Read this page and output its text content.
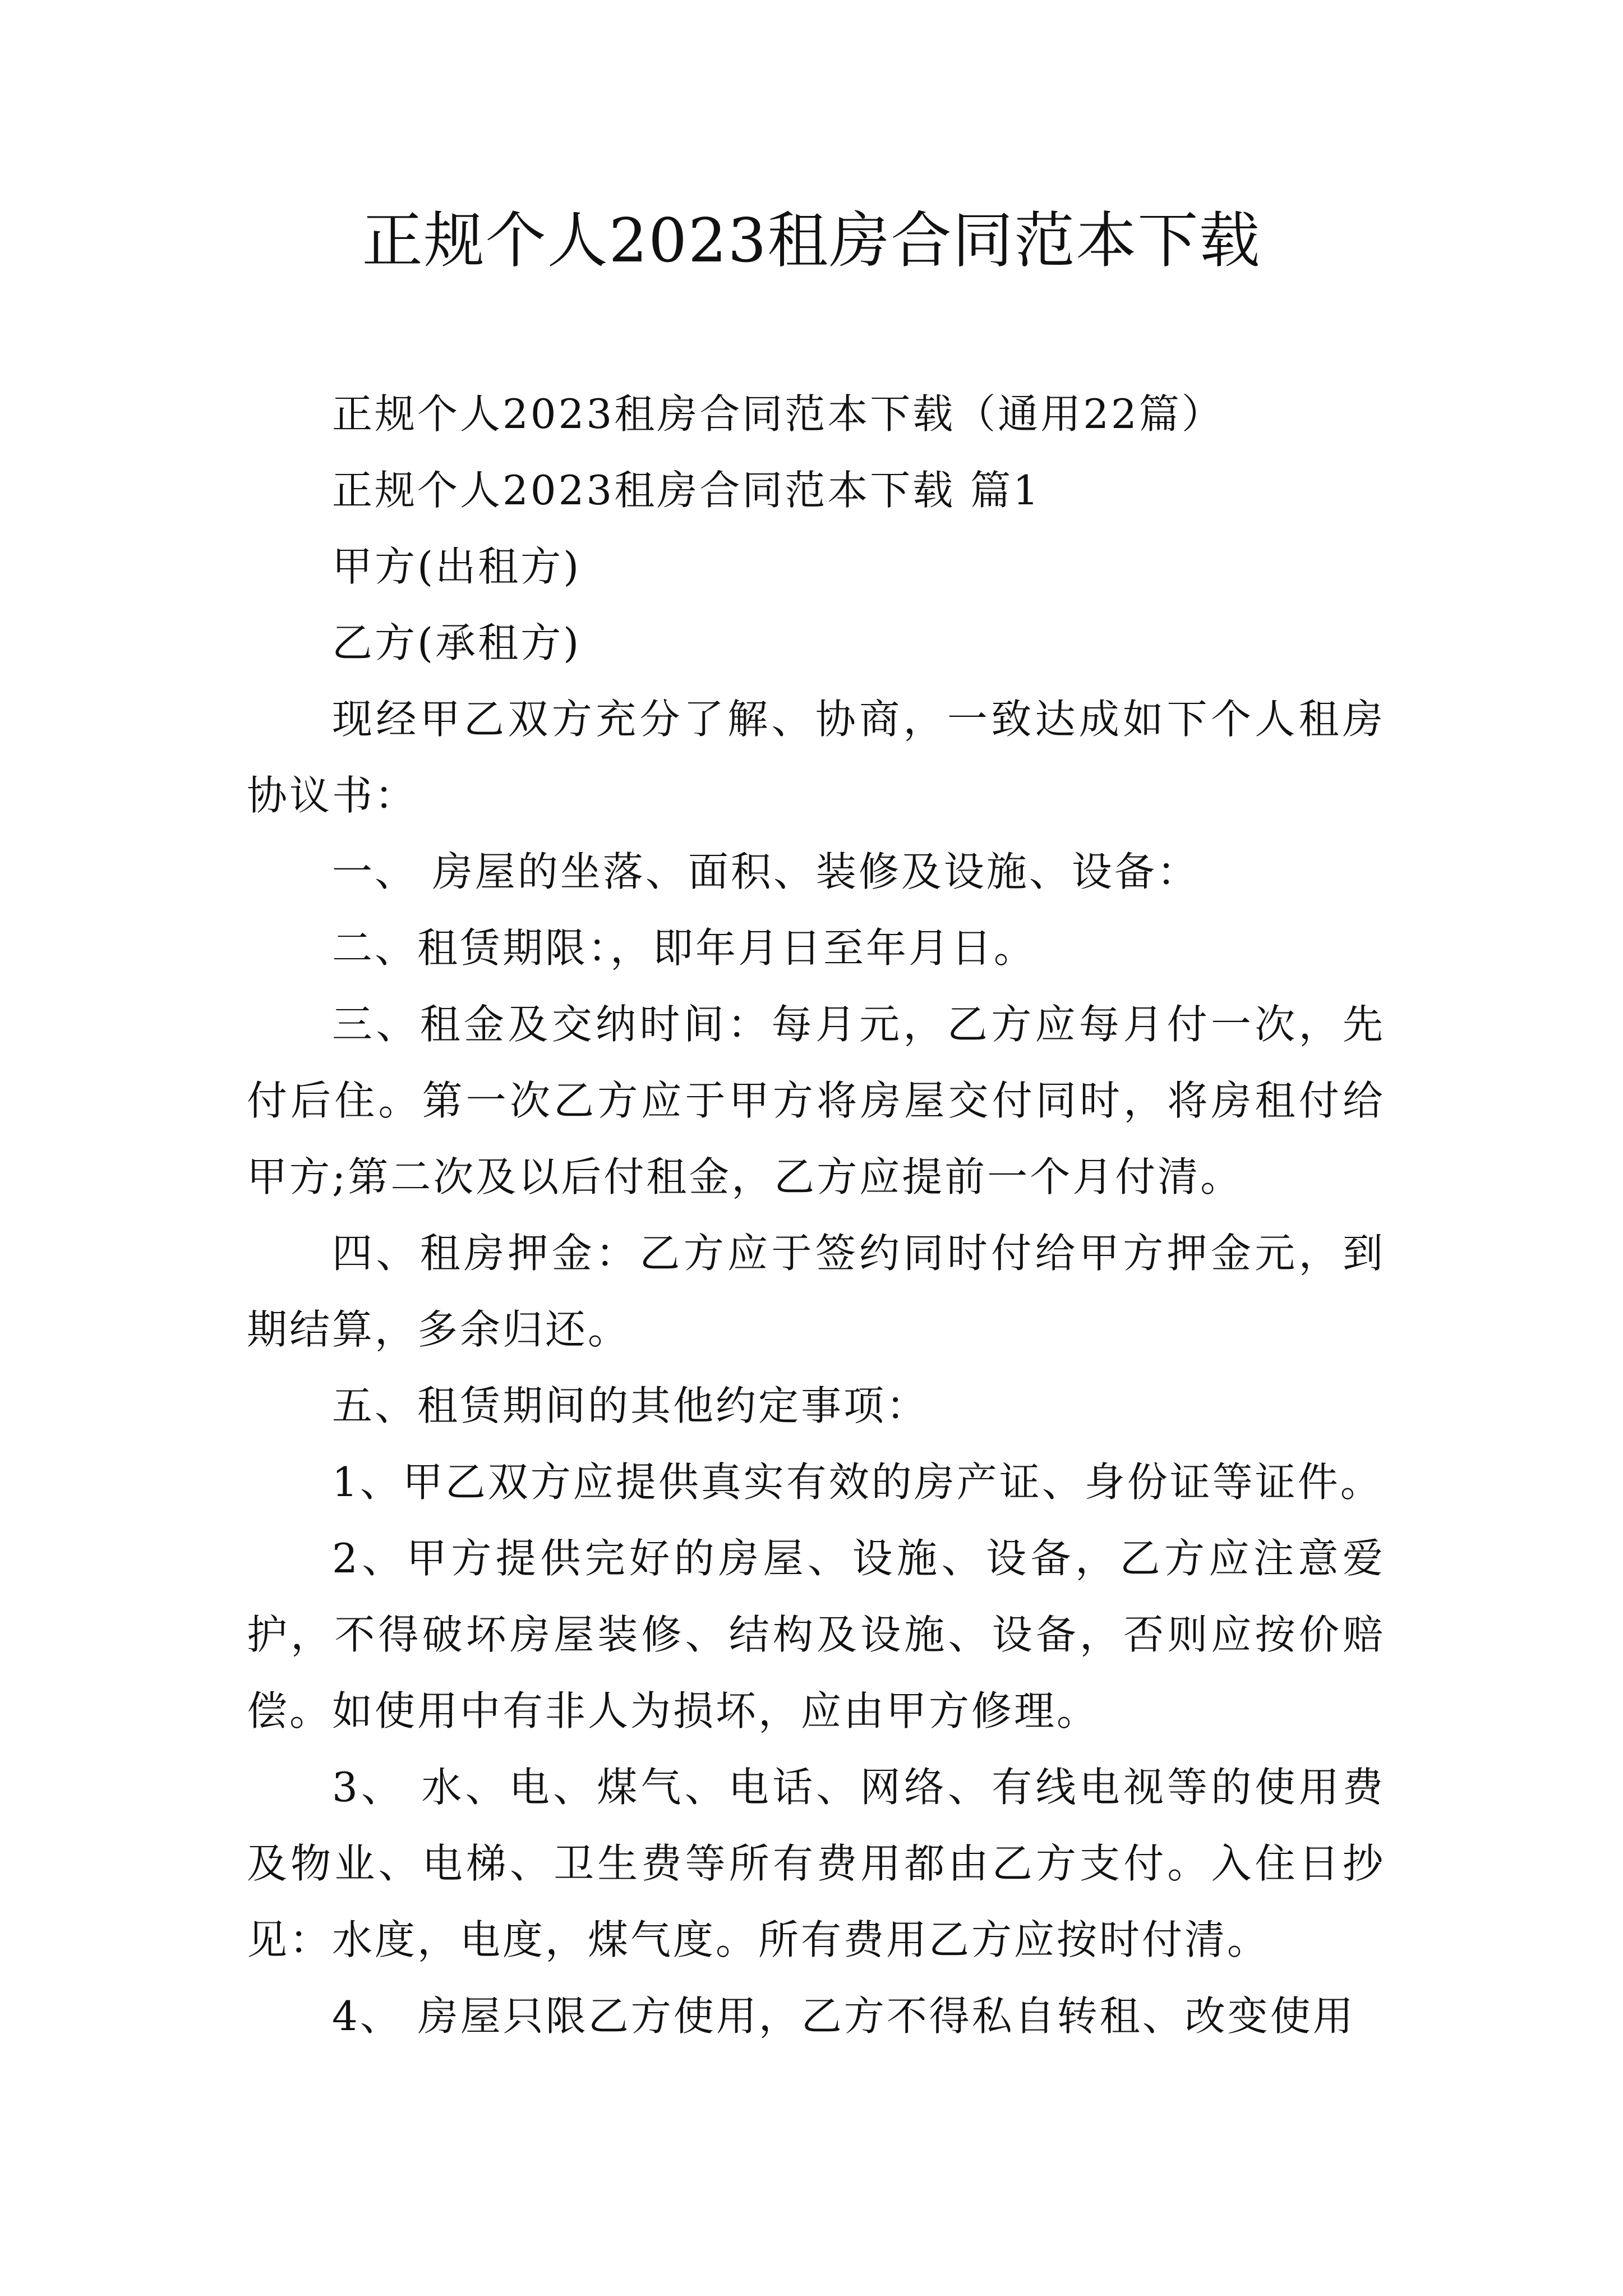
正规个人2023租房合同范本下载

正规个人2023租房合同范本下载（通用22篇）

正规个人2023租房合同范本下载 篇1

甲方(出租方)

乙方(承租方)

现经甲乙双方充分了解、协商，一致达成如下个人租房协议书：

一、 房屋的坐落、面积、装修及设施、设备：

二、租赁期限：，即年月日至年月日。

三、租金及交纳时间：每月元，乙方应每月付一次，先付后住。第一次乙方应于甲方将房屋交付同时，将房租付给甲方;第二次及以后付租金，乙方应提前一个月付清。

四、租房押金：乙方应于签约同时付给甲方押金元，到期结算，多余归还。

五、租赁期间的其他约定事项：

1、甲乙双方应提供真实有效的房产证、身份证等证件。

2、甲方提供完好的房屋、设施、设备，乙方应注意爱护，不得破坏房屋装修、结构及设施、设备，否则应按价赔偿。如使用中有非人为损坏，应由甲方修理。

3、 水、电、煤气、电话、网络、有线电视等的使用费及物业、电梯、卫生费等所有费用都由乙方支付。入住日抄见：水度，电度，煤气度。所有费用乙方应按时付清。

4、 房屋只限乙方使用，乙方不得私自转租、改变使用
